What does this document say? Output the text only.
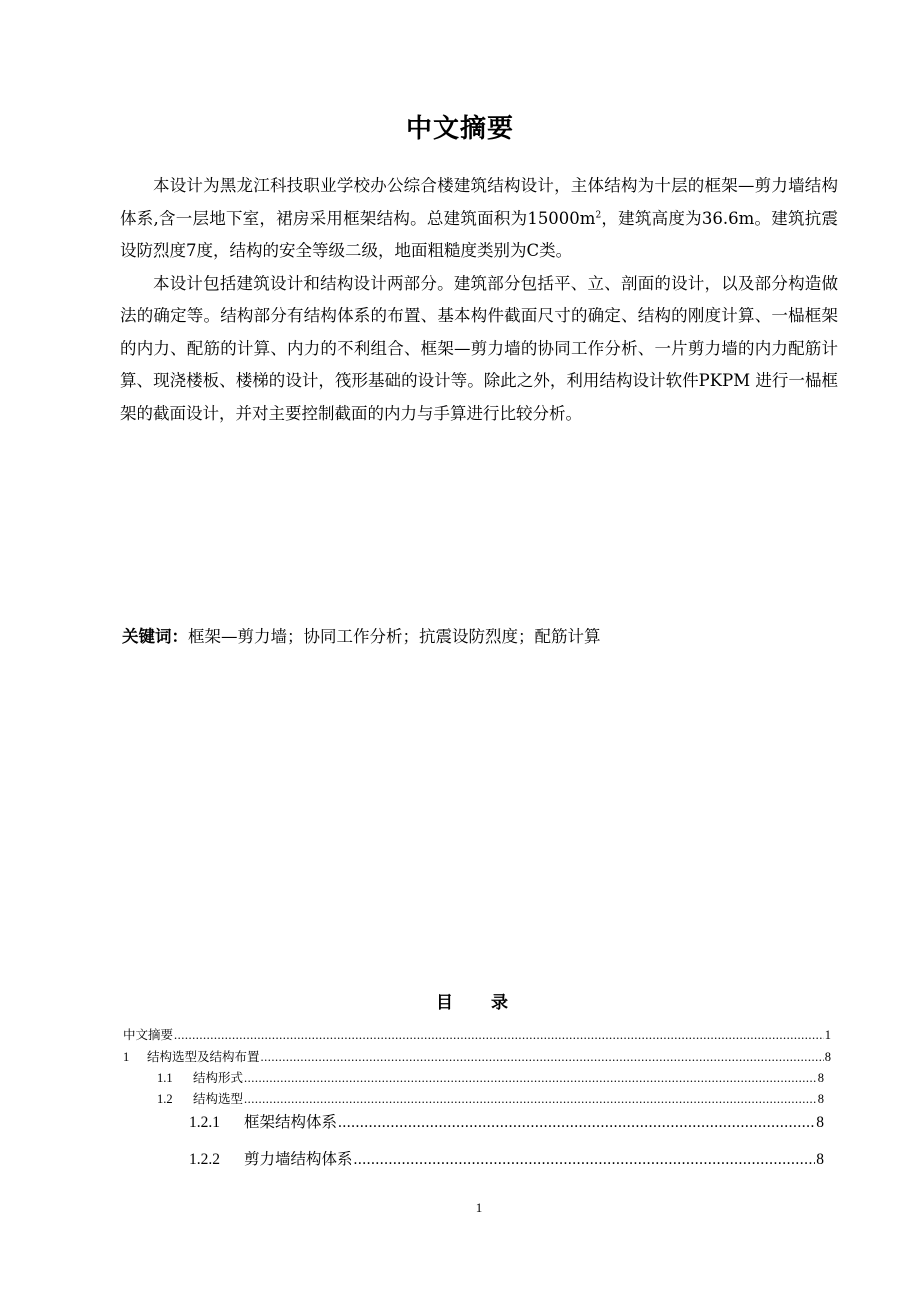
中文摘要

本设计为黑龙江科技职业学校办公综合楼建筑结构设计，主体结构为十层的框架—剪力墙结构体系,含一层地下室，裙房采用框架结构。总建筑面积为$15000m^2$，建筑高度为36.6m。建筑抗震设防烈度7度，结构的安全等级二级，地面粗糙度类别为C类。

本设计包括建筑设计和结构设计两部分。建筑部分包括平、立、剖面的设计，以及部分构造做法的确定等。结构部分有结构体系的布置、基本构件截面尺寸的确定、结构的刚度计算、一榀框架的内力、配筋的计算、内力的不利组合、框架—剪力墙的协同工作分析、一片剪力墙的内力配筋计算、现浇楼板、楼梯的设计，筏形基础的设计等。除此之外，利用结构设计软件PKPM 进行一榀框架的截面设计，并对主要控制截面的内力与手算进行比较分析。

关键词：框架—剪力墙；协同工作分析；抗震设防烈度；配筋计算
目 录
中文摘要 .....	1
1	结构选型及结构布置 .....	8
1.1	结构形式 .....	8
1.2	结构选型 .....	8
1.2.1	框架结构体系 .....	8
1.2.2	剪力墙结构体系 .....	8
1
